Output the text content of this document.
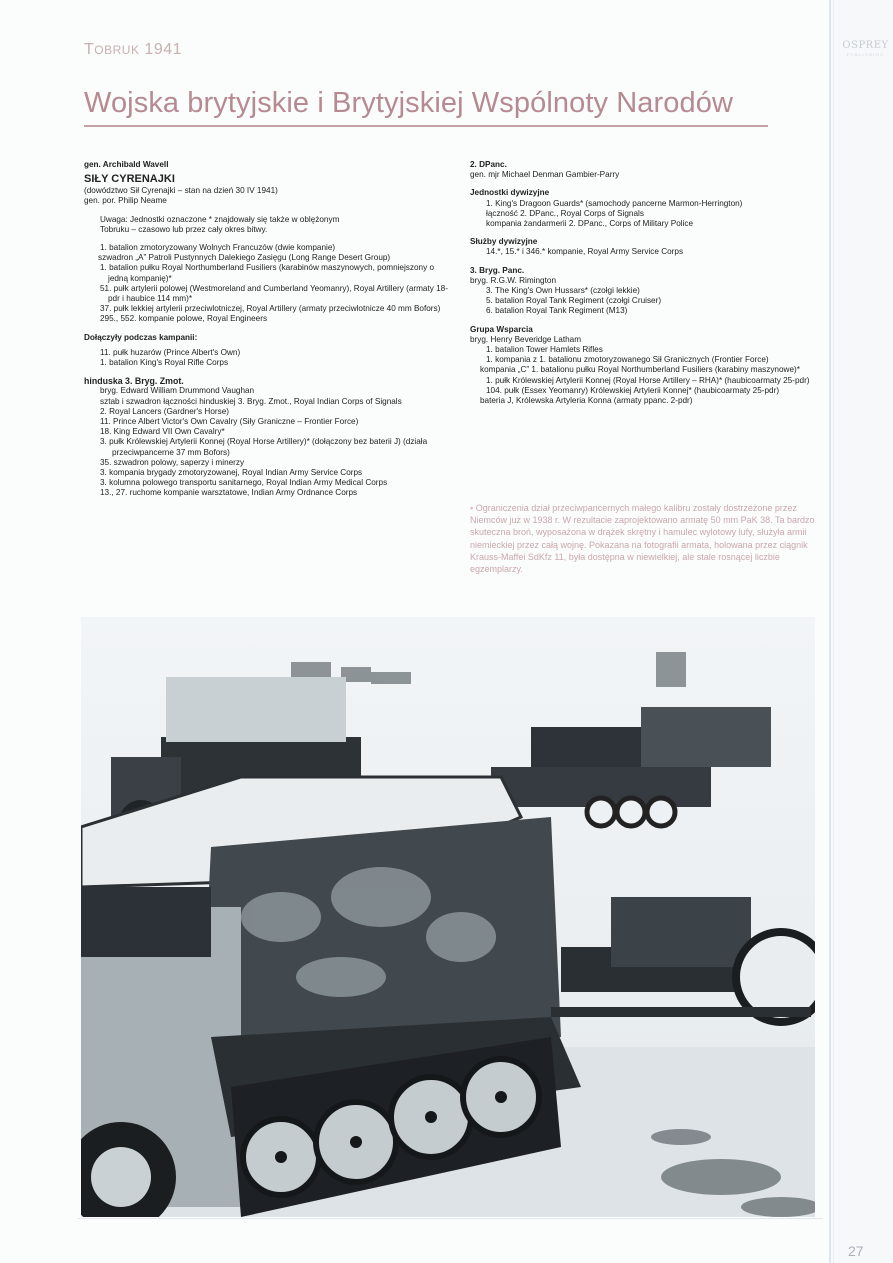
OSPREY
PUBLISHING
27
TOBRUK 1941
Wojska brytyjskie i Brytyjskiej Wspólnoty Narodów
gen. Archibald Wavell
SIŁY CYRENAJKI
(dowództwo Sił Cyrenajki – stan na dzień 30 IV 1941)
gen. por. Philip Neame
Uwaga: Jednostki oznaczone * znajdowały się także w oblężonym
Tobruku – czasowo lub przez cały okres bitwy.
1. batalion zmotoryzowany Wolnych Francuzów (dwie kompanie)
szwadron „A” Patroli Pustynnych Dalekiego Zasięgu (Long Range Desert Group)
1. batalion pułku Royal Northumberland Fusiliers (karabinów maszynowych, pomniejszony o jedną kompanię)*
51. pułk artylerii polowej (Westmoreland and Cumberland Yeomanry), Royal Artillery (armaty 18-pdr i haubice 114 mm)*
37. pułk lekkiej artylerii przeciwlotniczej, Royal Artillery (armaty przeciwlotnicze 40 mm Bofors)
295., 552. kompanie polowe, Royal Engineers
Dołączyły podczas kampanii:
11. pułk huzarów (Prince Albert's Own)
1. batalion King's Royal Rifle Corps
hinduska 3. Bryg. Zmot.
bryg. Edward William Drummond Vaughan
sztab i szwadron łączności hinduskiej 3. Bryg. Zmot., Royal Indian Corps of Signals
2. Royal Lancers (Gardner's Horse)
11. Prince Albert Victor's Own Cavalry (Siły Graniczne – Frontier Force)
18. King Edward VII Own Cavalry*
3. pułk Królewskiej Artylerii Konnej (Royal Horse Artillery)* (dołączony bez baterii J) (działa przeciwpancerne 37 mm Bofors)
35. szwadron polowy, saperzy i minerzy
3. kompania brygady zmotoryzowanej, Royal Indian Army Service Corps
3. kolumna polowego transportu sanitarnego, Royal Indian Army Medical Corps
13., 27. ruchome kompanie warsztatowe, Indian Army Ordnance Corps
2. DPanc.
gen. mjr Michael Denman Gambier-Parry
Jednostki dywizyjne
1. King's Dragoon Guards* (samochody pancerne Marmon-Herrington)
łączność 2. DPanc., Royal Corps of Signals
kompania żandarmerii 2. DPanc., Corps of Military Police
Służby dywizyjne
14.*, 15.* i 346.* kompanie, Royal Army Service Corps
3. Bryg. Panc.
bryg. R.G.W. Rimington
3. The King's Own Hussars* (czołgi lekkie)
5. batalion Royal Tank Regiment (czołgi Cruiser)
6. batalion Royal Tank Regiment (M13)
Grupa Wsparcia
bryg. Henry Beveridge Latham
1. batalion Tower Hamlets Rifles
1. kompania z 1. batalionu zmotoryzowanego Sił Granicznych (Frontier Force)
kompania „C” 1. batalionu pułku Royal Northumberland Fusiliers (karabiny maszynowe)*
1. pułk Królewskiej Artylerii Konnej (Royal Horse Artillery – RHA)* (haubicoarmaty 25-pdr)
104. pułk (Essex Yeomanry) Królewskiej Artylerii Konnej* (haubicoarmaty 25-pdr)
bateria J, Królewska Artyleria Konna (armaty ppanc. 2-pdr)
▪ Ograniczenia dział przeciwpancernych małego kalibru zostały dostrzeżone przez Niemców już w 1938 r. W rezultacie zaprojektowano armatę 50 mm PaK 38. Ta bardzo skuteczna broń, wyposażona w drążek skrętny i hamulec wylotowy lufy, służyła armii niemieckiej przez całą wojnę. Pokazana na fotografii armata, holowana przez ciągnik Krauss-Maffei SdKfz 11, była dostępna w niewielkiej, ale stale rosnącej liczbie egzemplarzy.
